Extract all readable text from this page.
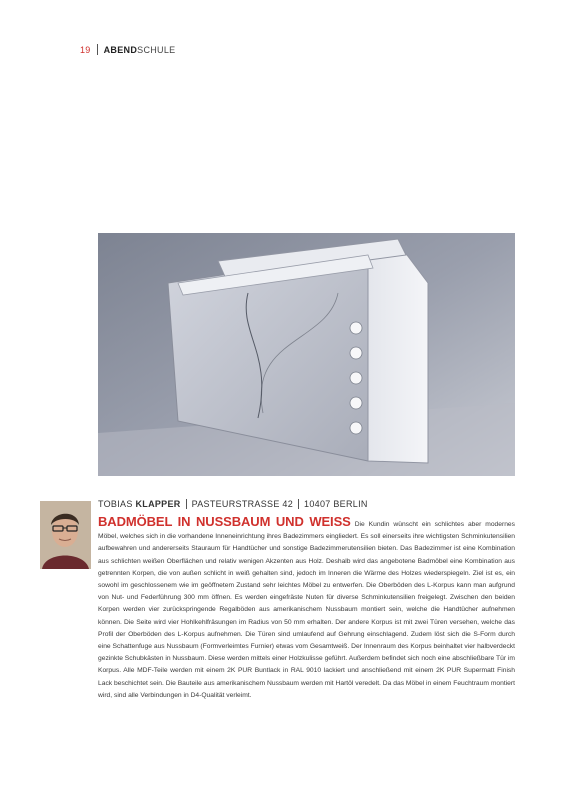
19 ABEND SCHULE
TOBIAS
KLAPPER PASTEURSTRASSE 42 10407 BERLIN
BADMÖBEL IN NUSSBAUM UND WEISS Die Kundin wünscht ein schlichtes aber modernes Möbel, welches sich in die vorhandene Inneneinrichtung ihres Badezimmers eingliedert. Es soll einerseits ihre wichtigsten Schminkutensilien aufbewahren und andererseits Stauraum für Handtücher und sonstige Badezimmerutensilien bieten. Das Badezimmer ist eine Kombination aus schlichten weißen Oberflächen und relativ wenigen Akzenten aus Holz. Deshalb wird das angebotene Badmöbel eine Kombination aus getrennten Korpen, die von außen schlicht in weiß gehalten sind, jedoch im Inneren die Wärme des Holzes wiederspiegeln. Ziel ist es, ein sowohl im geschlossenem wie im geöffnetem Zustand sehr leichtes Möbel zu entwerfen. Die Oberböden des L-Korpus kann man aufgrund von Nut- und Federführung 300 mm öffnen. Es werden eingefräste Nuten für diverse Schminkutensilien freigelegt. Zwischen den beiden Korpen werden vier zurückspringende Regalböden aus amerikanischem Nussbaum montiert sein, welche die Handtücher aufnehmen können. Die Seite wird vier Hohlkehlfräsungen im Radius von 50 mm erhalten. Der andere Korpus ist mit zwei Türen versehen, welche das Profil der Oberböden des L-Korpus aufnehmen. Die Türen sind umlaufend auf Gehrung einschlagend. Zudem löst sich die S-Form durch eine Schattenfuge aus Nussbaum (Formverleimtes Furnier) etwas vom Gesamtweiß. Der Innenraum des Korpus beinhaltet vier halbverdeckt gezinkte Schubkästen in Nussbaum. Diese werden mittels einer Holzkulisse geführt. Außerdem befindet sich noch eine abschließbare Tür im Korpus. Alle MDF-Teile werden mit einem 2K PUR Buntlack in RAL 9010 lackiert und anschließend mit einem 2K PUR Supermatt Finish Lack beschichtet sein. Die Bauteile aus amerikanischem Nussbaum werden mit Hartöl veredelt. Da das Möbel in einem Feuchtraum montiert wird, sind alle Verbindungen in D4-Qualität verleimt.
